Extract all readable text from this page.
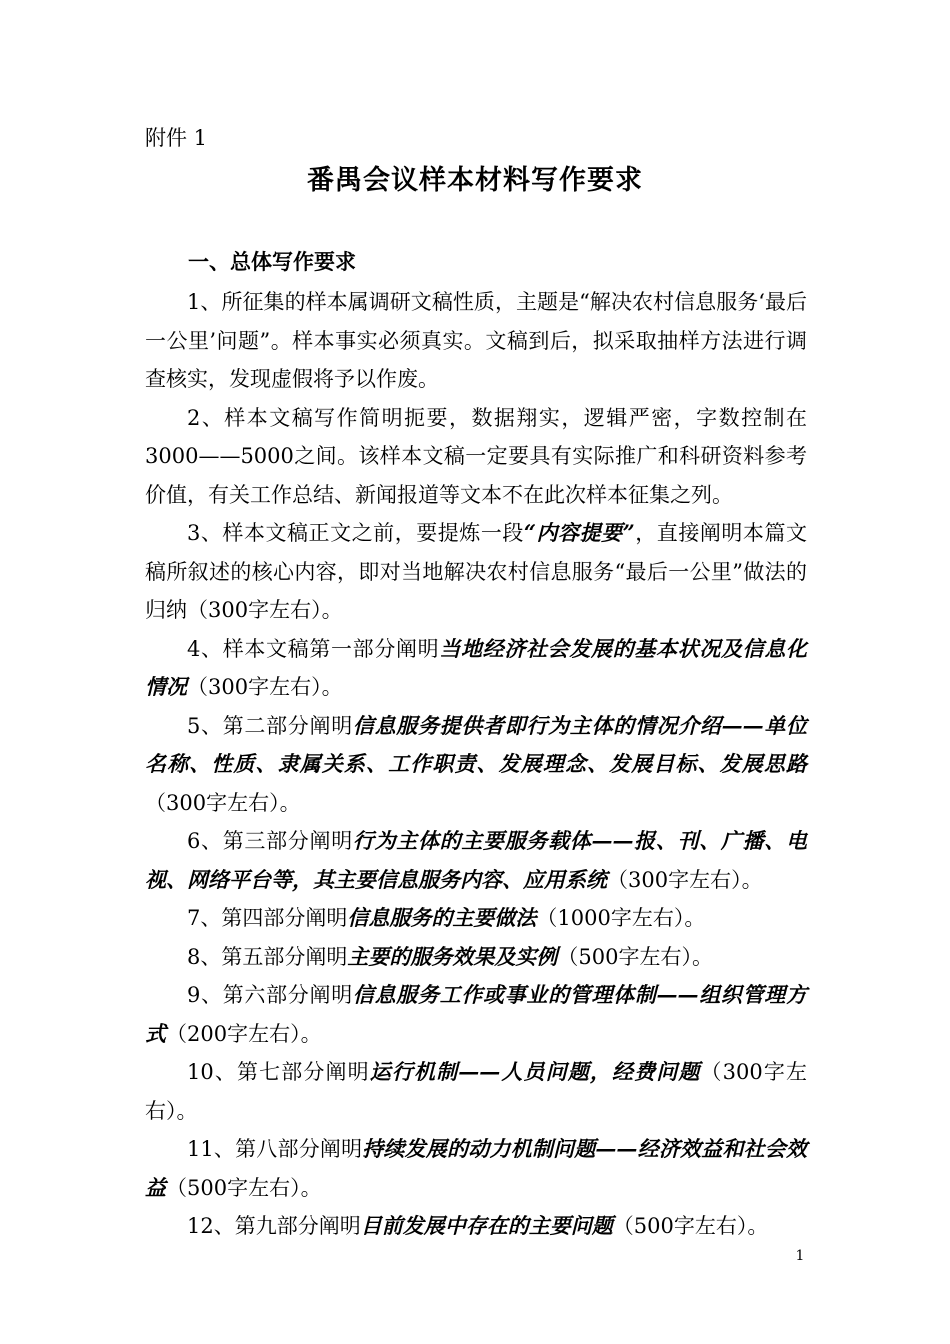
附件 1
番禺会议样本材料写作要求
一、总体写作要求

1、所征集的样本属调研文稿性质，主题是“解决农村信息服务‘最后一公里’问题”。样本事实必须真实。文稿到后，拟采取抽样方法进行调查核实，发现虚假将予以作废。

2、样本文稿写作简明扼要，数据翔实，逻辑严密，字数控制在3000——5000之间。该样本文稿一定要具有实际推广和科研资料参考价值，有关工作总结、新闻报道等文本不在此次样本征集之列。

3、样本文稿正文之前，要提炼一段“内容提要”，直接阐明本篇文稿所叙述的核心内容，即对当地解决农村信息服务“最后一公里”做法的归纳（300字左右）。

4、样本文稿第一部分阐明当地经济社会发展的基本状况及信息化情况（300字左右）。

5、第二部分阐明信息服务提供者即行为主体的情况介绍——单位名称、性质、隶属关系、工作职责、发展理念、发展目标、发展思路（300字左右）。

6、第三部分阐明行为主体的主要服务载体——报、刊、广播、电视、网络平台等，其主要信息服务内容、应用系统（300字左右）。

7、第四部分阐明信息服务的主要做法（1000字左右）。

8、第五部分阐明主要的服务效果及实例（500字左右）。

9、第六部分阐明信息服务工作或事业的管理体制——组织管理方式（200字左右）。

10、第七部分阐明运行机制——人员问题，经费问题（300字左右）。

11、第八部分阐明持续发展的动力机制问题——经济效益和社会效益（500字左右）。

12、第九部分阐明目前发展中存在的主要问题（500字左右）。

1
